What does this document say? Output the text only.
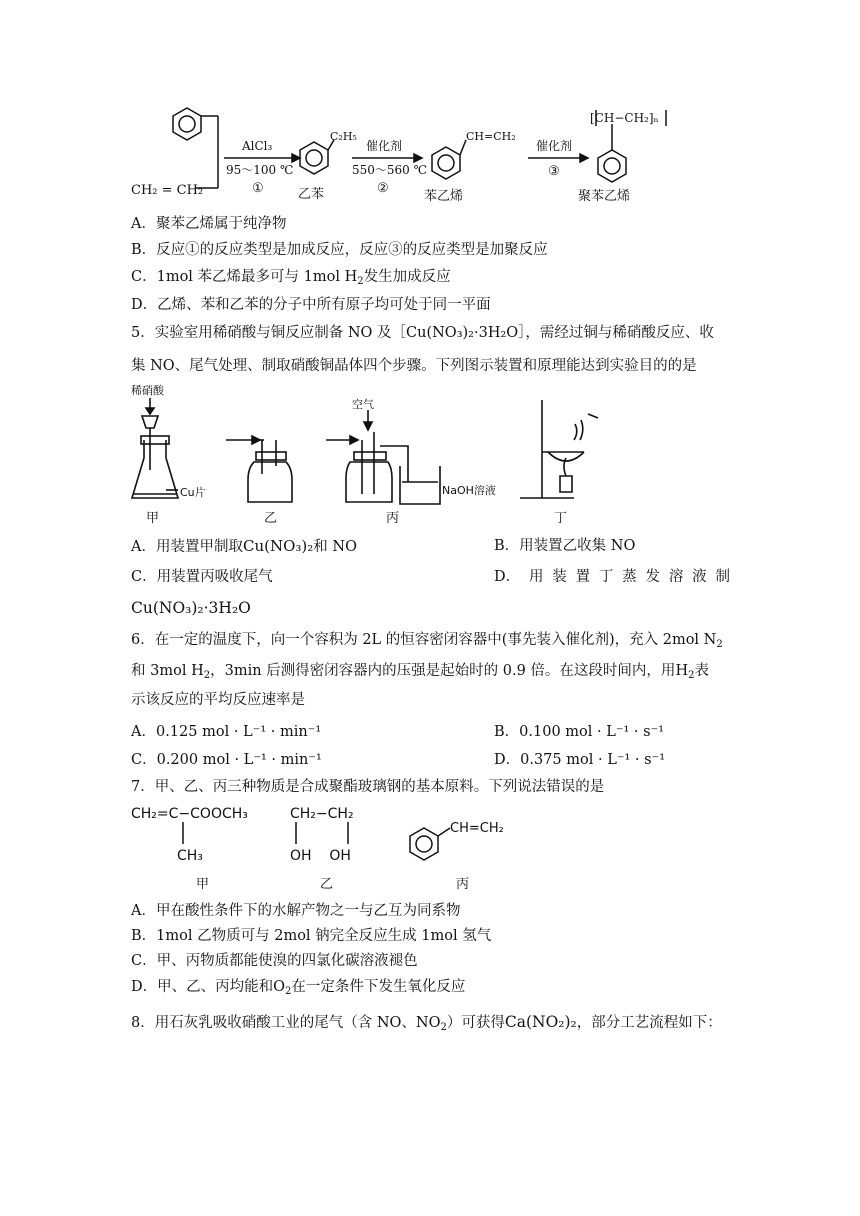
CH₂ = CH₂
AlCl₃
95～100 ℃
①
C₂H₅
乙苯
催化剂
550～560 ℃
②
CH=CH₂
苯乙烯
催化剂
③
[CH−CH₂]ₙ
聚苯乙烯
A．聚苯乙烯属于纯净物
B．反应①的反应类型是加成反应，反应③的反应类型是加聚反应
C．1mol 苯乙烯最多可与 1mol $H_2$发生加成反应
D．乙烯、苯和乙苯的分子中所有原子均可处于同一平面
5．实验室用稀硝酸与铜反应制备 NO 及［Cu(NO₃)₂·3H₂O］，需经过铜与稀硝酸反应、收
集 NO、尾气处理、制取硝酸铜晶体四个步骤。下列图示装置和原理能达到实验目的的是
稀硝酸
Cu片
空气
NaOH溶液
甲	乙	丙	丁
A．用装置甲制取Cu(NO₃)₂和 NO	B．用装置乙收集 NO
C．用装置丙吸收尾气	D． 用 装 置 丁 蒸 发 溶 液 制
Cu(NO₃)₂·3H₂O
6．在一定的温度下，向一个容积为 2L 的恒容密闭容器中(事先装入催化剂)，充入 2mol $N_2$
和 3mol $H_2$，3min 后测得密闭容器内的压强是起始时的 0.9 倍。在这段时间内，用$H_2$表
示该反应的平均反应速率是
A．0.125 mol · L⁻¹ · min⁻¹	B．0.100 mol · L⁻¹ · s⁻¹
C．0.200 mol · L⁻¹ · min⁻¹	D．0.375 mol · L⁻¹ · s⁻¹
7．甲、乙、丙三种物质是合成聚酯玻璃钢的基本原料。下列说法错误的是
CH₂=C−COOCH₃
CH₃
CH₂−CH₂
OH    OH
CH=CH₂
甲	乙	丙
A．甲在酸性条件下的水解产物之一与乙互为同系物
B．1mol 乙物质可与 2mol 钠完全反应生成 1mol 氢气
C．甲、丙物质都能使溴的四氯化碳溶液褪色
D．甲、乙、丙均能和$O_2$在一定条件下发生氧化反应
8．用石灰乳吸收硝酸工业的尾气（含 NO、$NO_2$）可获得Ca(NO₂)₂，部分工艺流程如下：
